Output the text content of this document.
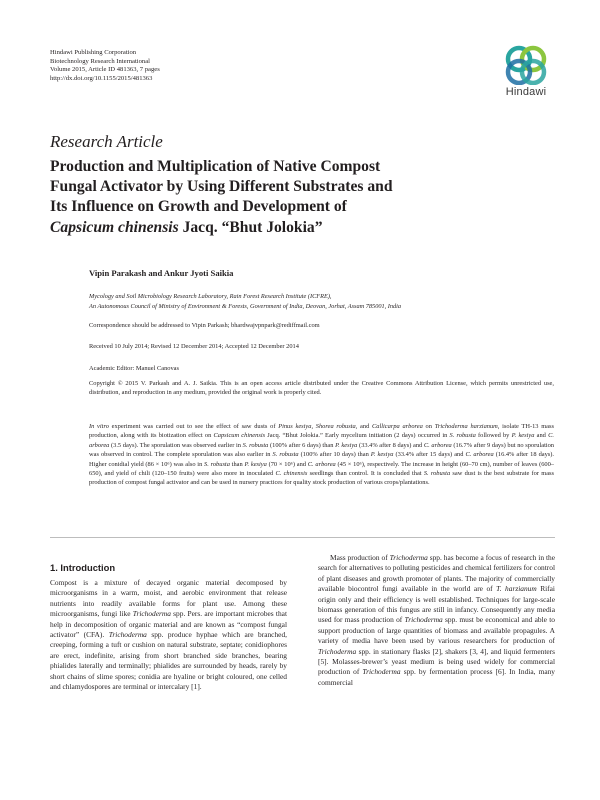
Hindawi Publishing Corporation
Biotechnology Research International
Volume 2015, Article ID 481363, 7 pages
http://dx.doi.org/10.1155/2015/481363
Hindawi
Research Article
Production and Multiplication of Native Compost
Fungal Activator by Using Different Substrates and
Its Influence on Growth and Development of
Capsicum chinensis Jacq. “Bhut Jolokia”
Vipin Parakash and Ankur Jyoti Saikia
Mycology and Soil Microbiology Research Laboratory, Rain Forest Research Institute (ICFRE),
An Autonomous Council of Ministry of Environment & Forests, Government of India, Deovan, Jorhat, Assam 785001, India
Correspondence should be addressed to Vipin Parkash; bhardwajvpnpark@rediffmail.com
Received 10 July 2014; Revised 12 December 2014; Accepted 12 December 2014
Academic Editor: Manuel Canovas
Copyright © 2015 V. Parkash and A. J. Saikia. This is an open access article distributed under the Creative Commons Attribution License, which permits unrestricted use, distribution, and reproduction in any medium, provided the original work is properly cited.
In vitro experiment was carried out to see the effect of saw dusts of Pinus kesiya, Shorea robusta, and Callicarpa arborea on Trichoderma harzianum, isolate TH-13 mass production, along with its biotization effect on Capsicum chinensis Jacq. “Bhut Jolokia.” Early mycelium initiation (2 days) occurred in S. robusta followed by P. kesiya and C. arborea (3.5 days). The sporulation was observed earlier in S. robusta (100% after 6 days) than P. kesiya (33.4% after 8 days) and C. arborea (16.7% after 9 days) but no sporulation was observed in control. The complete sporulation was also earlier in S. robusta (100% after 10 days) than P. kesiya (33.4% after 15 days) and C. arborea (16.4% after 18 days). Higher conidial yield (86 × 10⁶) was also in S. robusta than P. kesiya (70 × 10⁶) and C. arborea (45 × 10⁶), respectively. The increase in height (60–70 cm), number of leaves (600–650), and yield of chili (120–150 fruits) were also more in inoculated C. chinensis seedlings than control. It is concluded that S. robusta saw dust is the best substrate for mass production of compost fungal activator and can be used in nursery practices for quality stock production of various crops/plantations.
1. Introduction
Compost is a mixture of decayed organic material decomposed by microorganisms in a warm, moist, and aerobic environment that release nutrients into readily available forms for plant use. Among these microorganisms, fungi like Trichoderma spp. Pers. are important microbes that help in decomposition of organic material and are known as “compost fungal activator” (CFA). Trichoderma spp. produce hyphae which are branched, creeping, forming a tuft or cushion on natural substrate, septate; conidiophores are erect, indefinite, arising from short branched side branches, bearing phialides laterally and terminally; phialides are surrounded by heads, rarely by short chains of slime spores; conidia are hyaline or bright coloured, one celled and chlamydospores are terminal or intercalary [1].
Mass production of Trichoderma spp. has become a focus of research in the search for alternatives to polluting pesticides and chemical fertilizers for control of plant diseases and growth promoter of plants. The majority of commercially available biocontrol fungi available in the world are of T. harzianum Rifai origin only and their efficiency is well established. Techniques for large-scale biomass generation of this fungus are still in infancy. Consequently any media used for mass production of Trichoderma spp. must be economical and able to support production of large quantities of biomass and available propagules. A variety of media have been used by various researchers for production of Trichoderma spp. in stationary flasks [2], shakers [3, 4], and liquid fermenters [5]. Molasses-brewer’s yeast medium is being used widely for commercial production of Trichoderma spp. by fermentation process [6]. In India, many commercial
